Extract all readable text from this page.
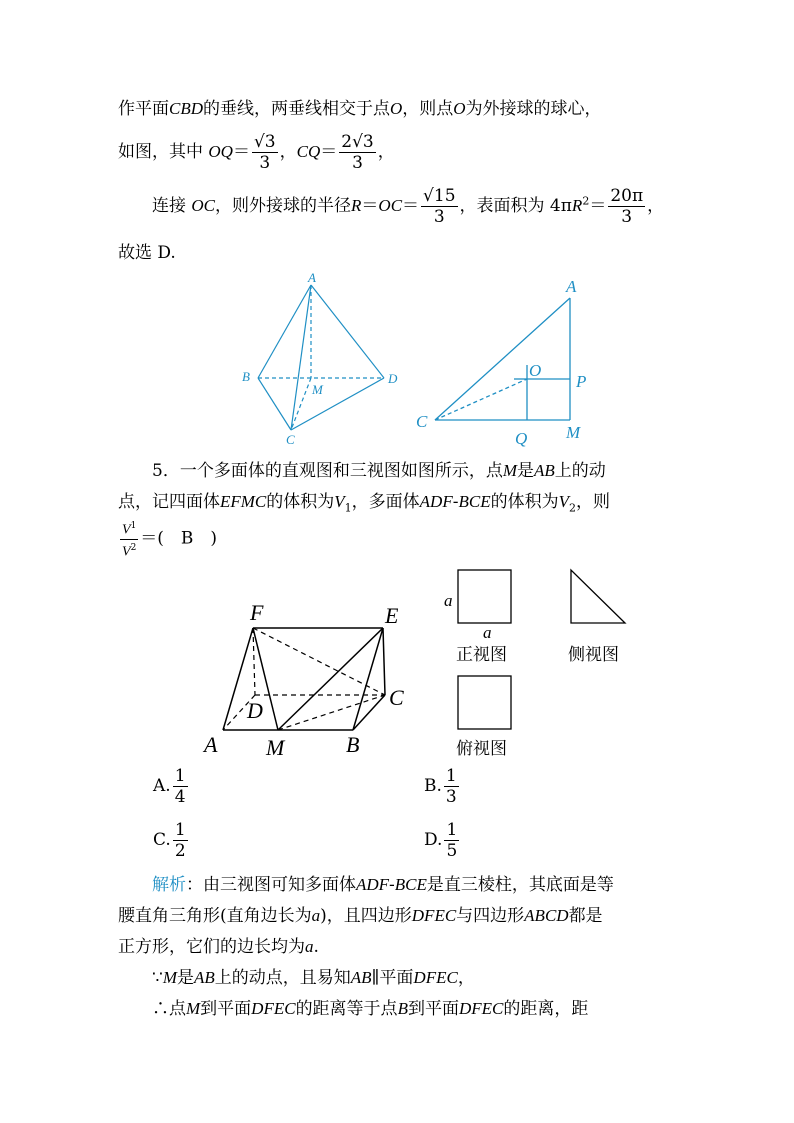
作平面CBD的垂线，两垂线相交于点O，则点O为外接球的球心，
如图，其中 $OQ= \frac{√3}{3}$ ，$CQ= \frac{2√3}{3}$ ，
连接 OC，则外接球的半径$R=OC= \frac{√15}{3}$ ，表面积为 $4\pi R^2= \frac{20\pi}{3}$ ，
故选 D.
A
B	D
M
C
A
O
P
C
Q M
5．一个多面体的直观图和三视图如图所示，点M是AB上的动
点，记四面体EFMC的体积为$V_1$，多面体ADF-BCE的体积为$V_2$，则
$\frac{V^1}{V^2}$ ＝(　B　)
F	E
D
C
A M	B
a
a
正视图	侧视图
俯视图
A. $\frac{1}{4}$	B. $\frac{1}{3}$
C. $\frac{1}{2}$	D. $\frac{1}{5}$
解析：由三视图可知多面体ADF-BCE是直三棱柱，其底面是等
腰直角三角形(直角边长为a)，且四边形DFEC与四边形ABCD都是
正方形，它们的边长均为a.
∵M是AB上的动点，且易知AB∥平面DFEC，
∴点M到平面DFEC的距离等于点B到平面DFEC的距离，距
